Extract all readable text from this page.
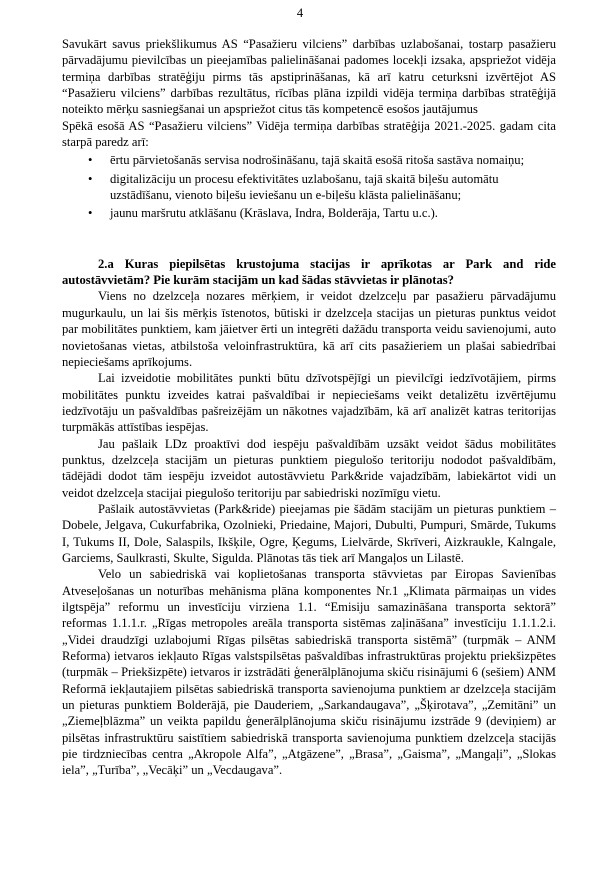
4

Savukārt savus priekšlikumus AS “Pasažieru vilciens” darbības uzlabošanai, tostarp pasažieru pārvadājumu pievilcības un pieejamības palielināšanai padomes locekļi izsaka, apspriežot vidēja termiņa darbības stratēģiju pirms tās apstiprināšanas, kā arī katru ceturksni izvērtējot AS “Pasažieru vilciens” darbības rezultātus, rīcības plāna izpildi vidēja termiņa darbības stratēģijā noteikto mērķu sasniegšanai un apspriežot citus tās kompetencē esošos jautājumus

Spēkā esošā AS “Pasažieru vilciens” Vidēja termiņa darbības stratēģija 2021.-2025. gadam cita starpā paredz arī:

• ērtu pārvietošanās servisa nodrošināšanu, tajā skaitā esošā ritoša sastāva nomaiņu;
• digitalizāciju un procesu efektivitātes uzlabošanu, tajā skaitā biļešu automātu uzstādīšanu, vienoto biļešu ieviešanu un e-biļešu klāsta palielināšanu;
• jaunu maršrutu atklāšanu (Krāslava, Indra, Bolderāja, Tartu u.c.).

2.a Kuras piepilsētas krustojuma stacijas ir aprīkotas ar Park and ride autostāvvietām? Pie kurām stacijām un kad šādas stāvvietas ir plānotas?

Viens no dzelzceļa nozares mērķiem, ir veidot dzelzceļu par pasažieru pārvadājumu mugurkaulu, un lai šis mērķis īstenotos, būtiski ir dzelzceļa stacijas un pieturas punktus veidot par mobilitātes punktiem, kam jāietver ērti un integrēti dažādu transporta veidu savienojumi, auto novietošanas vietas, atbilstoša veloinfrastruktūra, kā arī cits pasažieriem un plašai sabiedrībai nepieciešams aprīkojums.

Lai izveidotie mobilitātes punkti būtu dzīvotspējīgi un pievilcīgi iedzīvotājiem, pirms mobilitātes punktu izveides katrai pašvaldībai ir nepieciešams veikt detalizētu izvērtējumu iedzīvotāju un pašvaldības pašreizējām un nākotnes vajadzībām, kā arī analizēt katras teritorijas turpmākās attīstības iespējas.

Jau pašlaik LDz proaktīvi dod iespēju pašvaldībām uzsākt veidot šādus mobilitātes punktus, dzelzceļa stacijām un pieturas punktiem piegulošo teritoriju nododot pašvaldībām, tādējādi dodot tām iespēju izveidot autostāvvietu Park&ride vajadzībām, labiekārtot vidi un veidot dzelzceļa stacijai piegulošo teritoriju par sabiedriski nozīmīgu vietu.

Pašlaik autostāvvietas (Park&ride) pieejamas pie šādām stacijām un pieturas punktiem – Dobele, Jelgava, Cukurfabrika, Ozolnieki, Priedaine, Majori, Dubulti, Pumpuri, Smārde, Tukums I, Tukums II, Dole, Salaspils, Ikšķile, Ogre, Ķegums, Lielvārde, Skrīveri, Aizkraukle, Kalngale, Garciems, Saulkrasti, Skulte, Sigulda. Plānotas tās tiek arī Mangaļos un Lilastē.

Velo un sabiedriskā vai koplietošanas transporta stāvvietas par Eiropas Savienības Atveseļošanas un noturības mehānisma plāna komponentes Nr.1 „Klimata pārmaiņas un vides ilgtspēja” reformu un investīciju virziena 1.1. “Emisiju samazināšana transporta sektorā” reformas 1.1.1.r. „Rīgas metropoles areāla transporta sistēmas zaļināšana” investīciju 1.1.1.2.i. „Videi draudzīgi uzlabojumi Rīgas pilsētas sabiedriskā transporta sistēmā” (turpmāk – ANM Reforma) ietvaros iekļauto Rīgas valstspilsētas pašvaldības infrastruktūras projektu priekšizpētes (turpmāk – Priekšizpēte) ietvaros ir izstrādāti ģenerālplānojuma skiču risinājumi 6 (sešiem) ANM Reformā iekļautajiem pilsētas sabiedriskā transporta savienojuma punktiem ar dzelzceļa stacijām un pieturas punktiem Bolderājā, pie Dauderiem, „Sarkandaugava”, „Šķirotava”, „Zemitāni” un „Ziemeļblāzma” un veikta papildu ģenerālplānojuma skiču risinājumu izstrāde 9 (deviņiem) ar pilsētas infrastruktūru saistītiem sabiedriskā transporta savienojuma punktiem dzelzceļa stacijās pie tirdzniecības centra „Akropole Alfa”, „Atgāzene”, „Brasa”, „Gaisma”, „Mangaļi”, „Slokas iela”, „Turība”, „Vecāķi” un „Vecdaugava”.
